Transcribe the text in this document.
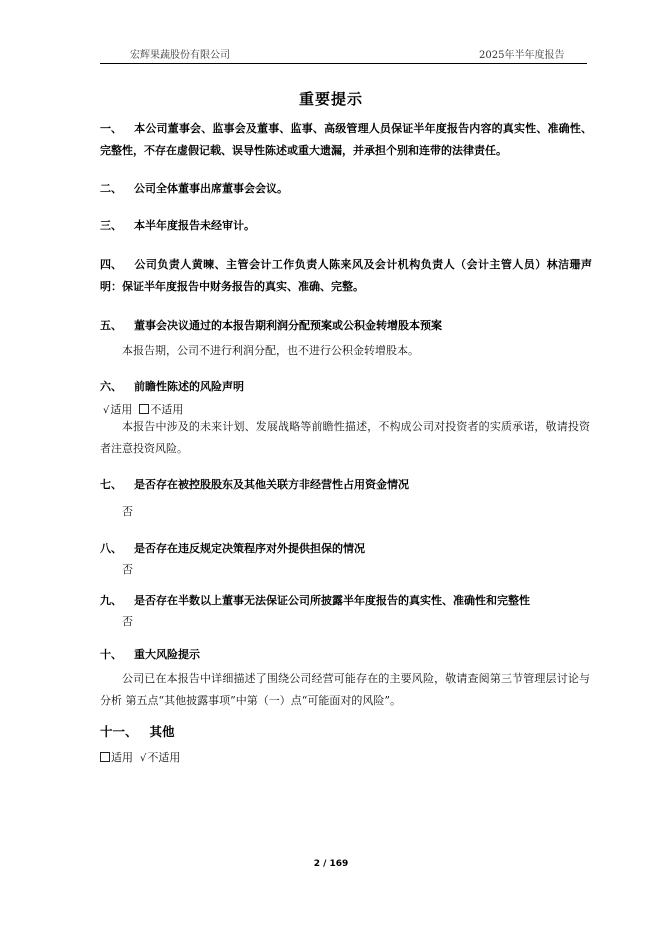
宏辉果蔬股份有限公司	2025年半年度报告
重要提示
一、 本公司董事会、监事会及董事、监事、高级管理人员保证半年度报告内容的真实性、准确性、完整性，不存在虚假记载、误导性陈述或重大遗漏，并承担个别和连带的法律责任。
二、 公司全体董事出席董事会会议。
三、 本半年度报告未经审计。
四、 公司负责人黄暕、主管会计工作负责人陈来风及会计机构负责人（会计主管人员）林洁珊声明：保证半年度报告中财务报告的真实、准确、完整。
五、 董事会决议通过的本报告期利润分配预案或公积金转增股本预案
本报告期，公司不进行利润分配，也不进行公积金转增股本。
六、 前瞻性陈述的风险声明
√适用 不适用
本报告中涉及的未来计划、发展战略等前瞻性描述，不构成公司对投资者的实质承诺，敬请投资者注意投资风险。
七、 是否存在被控股股东及其他关联方非经营性占用资金情况
否
八、 是否存在违反规定决策程序对外提供担保的情况
否
九、 是否存在半数以上董事无法保证公司所披露半年度报告的真实性、准确性和完整性
否
十、 重大风险提示
公司已在本报告中详细描述了围绕公司经营可能存在的主要风险，敬请查阅第三节管理层讨论与分析 第五点“其他披露事项”中第（一）点“可能面对的风险”。
十一、 其他
适用 √不适用
2 / 169
